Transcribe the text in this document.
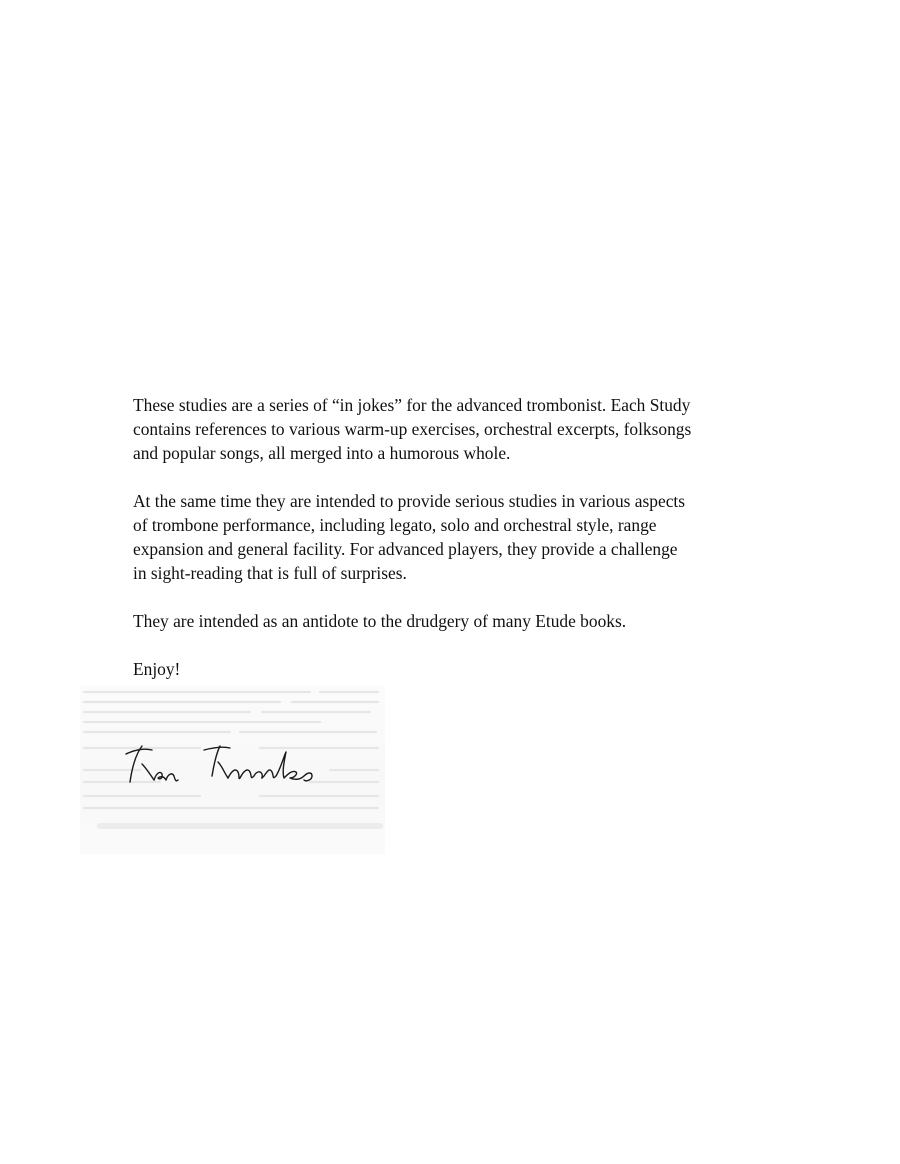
These studies are a series of “in jokes” for the advanced trombonist. Each Study
contains references to various warm-up exercises, orchestral excerpts, folksongs
and popular songs, all merged into a humorous whole.

At the same time they are intended to provide serious studies in various aspects
of trombone performance, including legato, solo and orchestral style, range
expansion and general facility. For advanced players, they provide a challenge
in sight-reading that is full of surprises.

They are intended as an antidote to the drudgery of many Etude books.

Enjoy!
